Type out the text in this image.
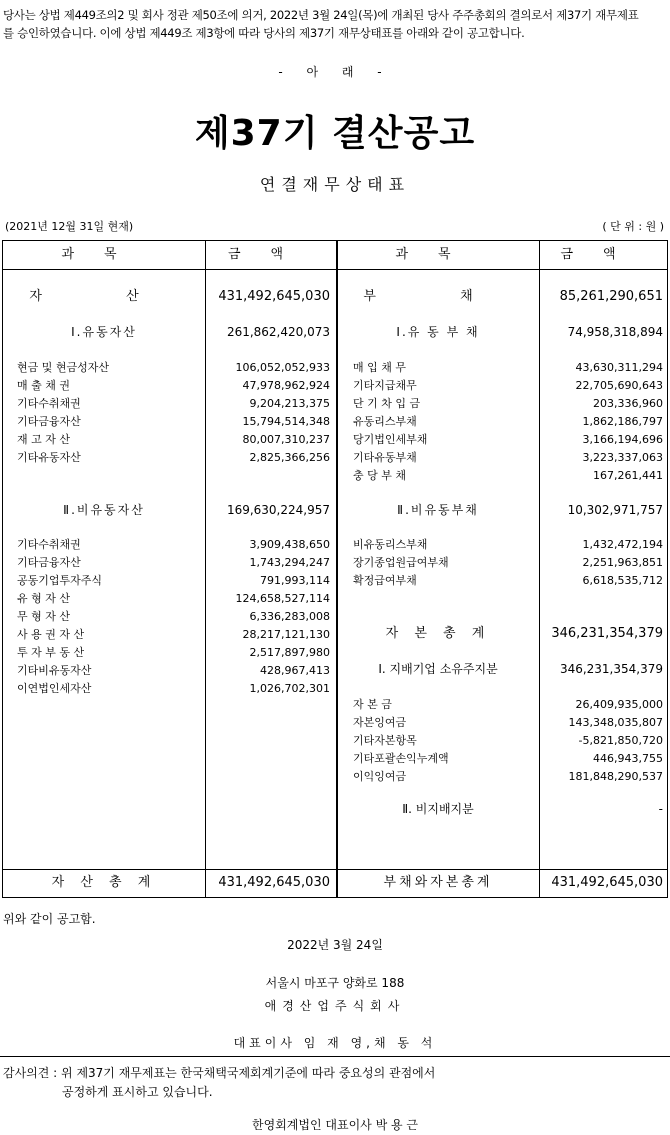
당사는 상법 제449조의2 및 회사 정관 제50조에 의거, 2022년 3월 24일(목)에 개최된 당사 주주총회의 결의로서 제37기 재무제표
를 승인하였습니다. 이에 상법 제449조 제3항에 따라 당사의 제37기 재무상태표를 아래와 같이 공고합니다.
- 아 래 -
제37기 결산공고
연결재무상태표
(2021년 12월 31일 현재)	( 단 위 : 원 )
과목	금액	과목	금액
자 산	431,492,645,030
Ⅰ.유동자산	261,862,420,073
현금 및 현금성자산	106,052,052,933
매 출 채 권	47,978,962,924
기타수취채권	9,204,213,375
기타금융자산	15,794,514,348
재 고 자 산	80,007,310,237
기타유동자산	2,825,366,256
Ⅱ.비유동자산	169,630,224,957
기타수취채권	3,909,438,650
기타금융자산	1,743,294,247
공동기업투자주식	791,993,114
유 형 자 산	124,658,527,114
무 형 자 산	6,336,283,008
사 용 권 자 산	28,217,121,130
투 자 부 동 산	2,517,897,980
기타비유동자산	428,967,413
이연법인세자산	1,026,702,301
자 산 총 계	431,492,645,030
부 채	85,261,290,651
Ⅰ.유 동 부 채	74,958,318,894
매 입 채 무	43,630,311,294
기타지급채무	22,705,690,643
단 기 차 입 금	203,336,960
유동리스부채	1,862,186,797
당기법인세부채	3,166,194,696
기타유동부채	3,223,337,063
충 당 부 채	167,261,441
Ⅱ.비유동부채	10,302,971,757
비유동리스부채	1,432,472,194
장기종업원급여부채	2,251,963,851
확정급여부채	6,618,535,712
자 본 총 계	346,231,354,379
Ⅰ. 지배기업 소유주지분	346,231,354,379
자 본 금	26,409,935,000
자본잉여금	143,348,035,807
기타자본항목	-5,821,850,720
기타포괄손익누계액	446,943,755
이익잉여금	181,848,290,537
Ⅱ. 비지배지분	-
부채와자본총계	431,492,645,030
위와 같이 공고함.
2022년 3월 24일
서울시 마포구 양화로 188
애경산업주식회사
대표이사 임 재 영,채 동 석
감사의견 : 위 제37기 재무제표는 한국채택국제회계기준에 따라 중요성의 관점에서
공정하게 표시하고 있습니다.
한영회계법인 대표이사 박 용 근
